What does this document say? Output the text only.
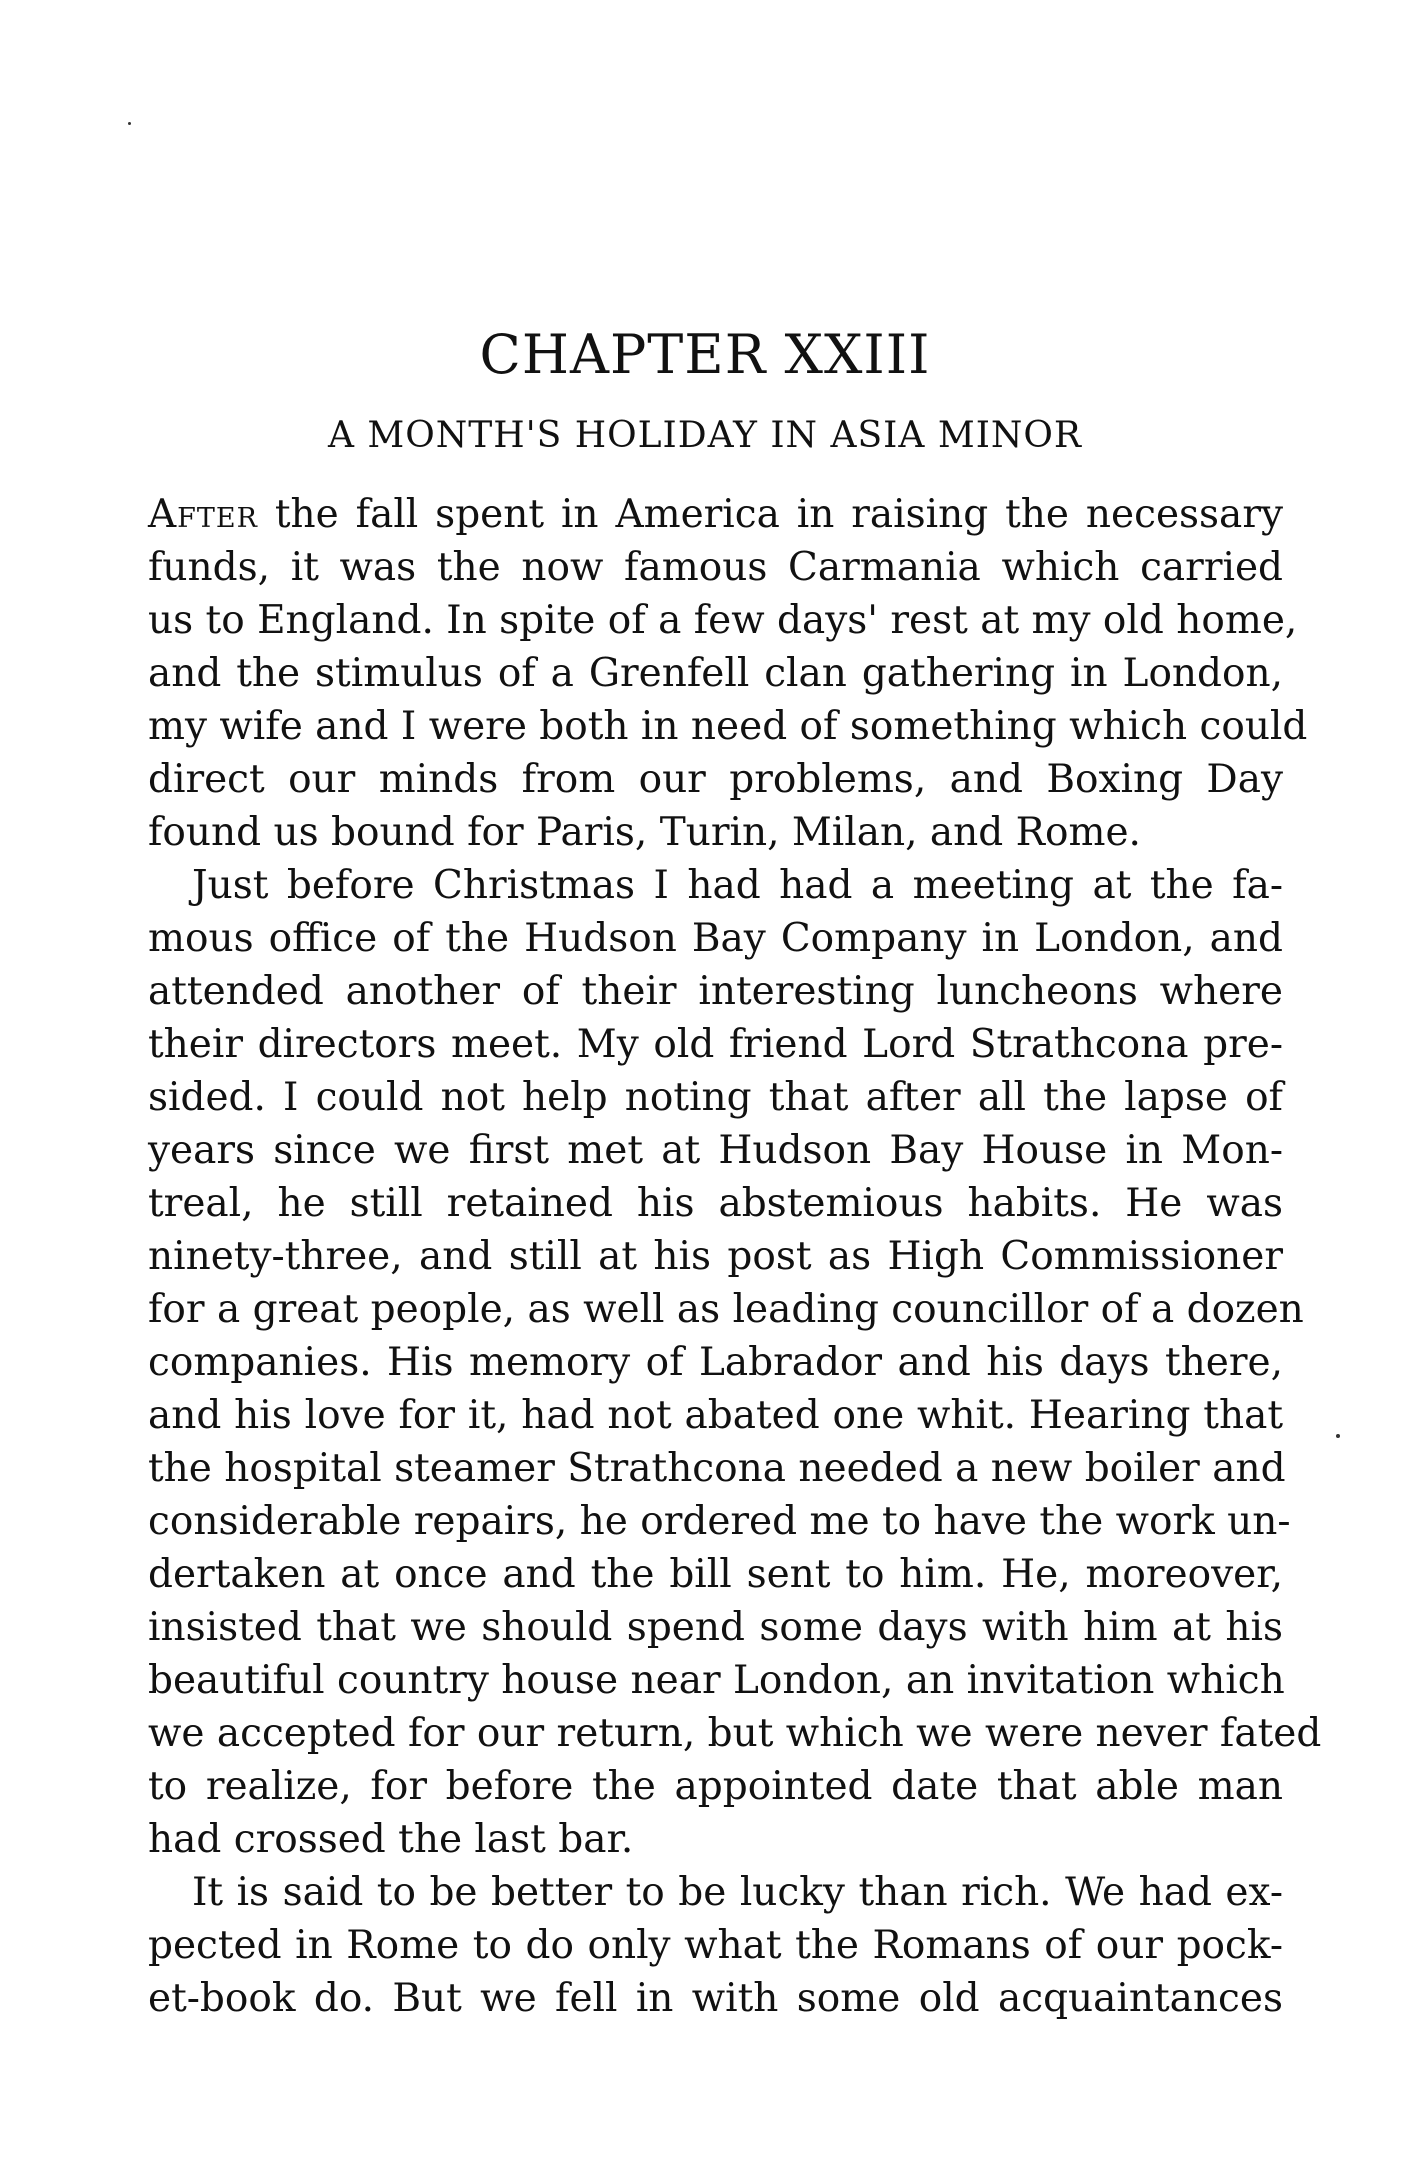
CHAPTER XXIII
A MONTH'S HOLIDAY IN ASIA MINOR
After the fall spent in America in raising the necessary
funds, it was the now famous Carmania which carried
us to England. In spite of a few days' rest at my old home,
and the stimulus of a Grenfell clan gathering in London,
my wife and I were both in need of something which could
direct our minds from our problems, and Boxing Day
found us bound for Paris, Turin, Milan, and Rome.
Just before Christmas I had had a meeting at the fa-
mous office of the Hudson Bay Company in London, and
attended another of their interesting luncheons where
their directors meet. My old friend Lord Strathcona pre-
sided. I could not help noting that after all the lapse of
years since we first met at Hudson Bay House in Mon-
treal, he still retained his abstemious habits. He was
ninety-three, and still at his post as High Commissioner
for a great people, as well as leading councillor of a dozen
companies. His memory of Labrador and his days there,
and his love for it, had not abated one whit. Hearing that
the hospital steamer Strathcona needed a new boiler and
considerable repairs, he ordered me to have the work un-
dertaken at once and the bill sent to him. He, moreover,
insisted that we should spend some days with him at his
beautiful country house near London, an invitation which
we accepted for our return, but which we were never fated
to realize, for before the appointed date that able man
had crossed the last bar.
It is said to be better to be lucky than rich. We had ex-
pected in Rome to do only what the Romans of our pock-
et-book do. But we fell in with some old acquaintances
